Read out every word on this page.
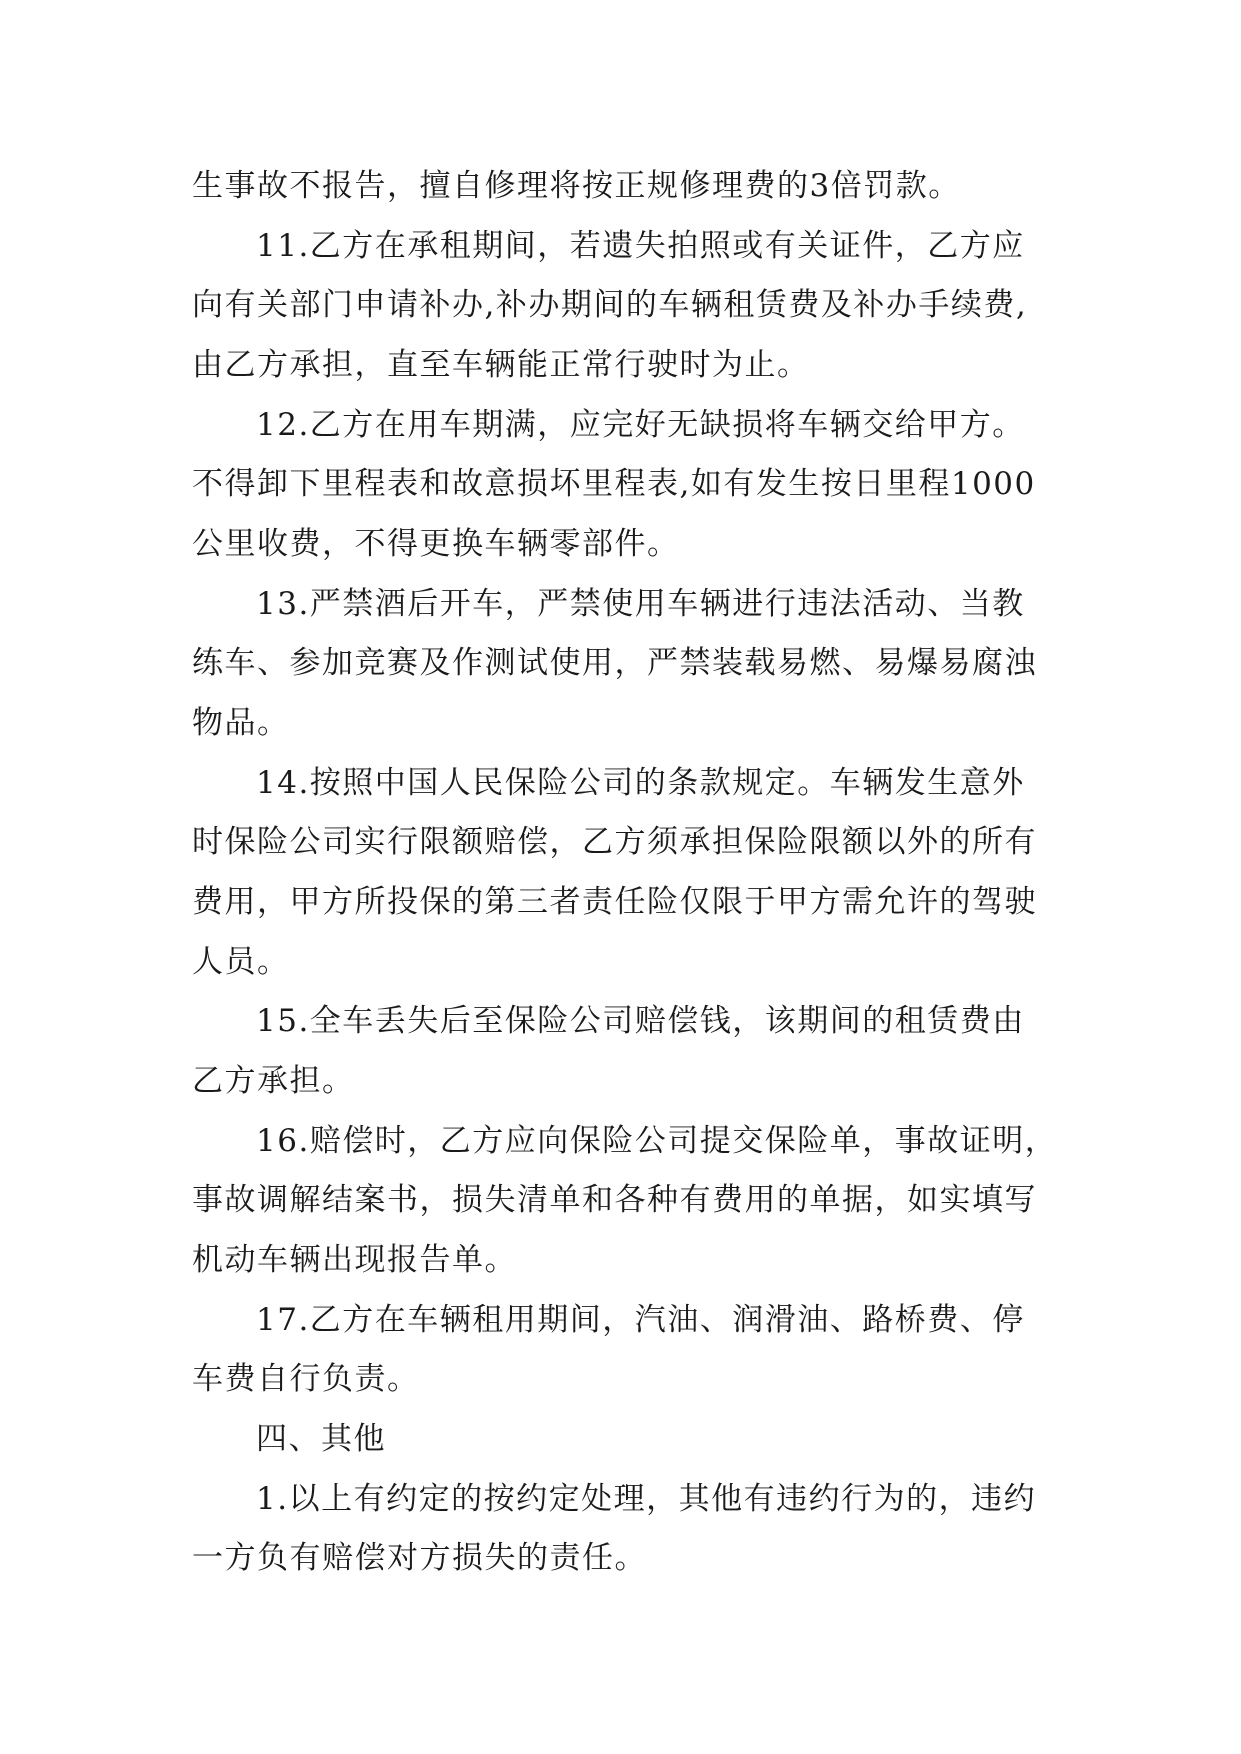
生事故不报告，擅自修理将按正规修理费的3倍罚款。
11.乙方在承租期间，若遗失拍照或有关证件，乙方应
向有关部门申请补办,补办期间的车辆租赁费及补办手续费,
由乙方承担，直至车辆能正常行驶时为止。
12.乙方在用车期满，应完好无缺损将车辆交给甲方。
不得卸下里程表和故意损坏里程表,如有发生按日里程1000
公里收费，不得更换车辆零部件。
13.严禁酒后开车，严禁使用车辆进行违法活动、当教
练车、参加竞赛及作测试使用，严禁装载易燃、易爆易腐浊
物品。
14.按照中国人民保险公司的条款规定。车辆发生意外
时保险公司实行限额赔偿，乙方须承担保险限额以外的所有
费用，甲方所投保的第三者责任险仅限于甲方需允许的驾驶
人员。
15.全车丢失后至保险公司赔偿钱，该期间的租赁费由
乙方承担。
16.赔偿时，乙方应向保险公司提交保险单，事故证明，
事故调解结案书，损失清单和各种有费用的单据，如实填写
机动车辆出现报告单。
17.乙方在车辆租用期间，汽油、润滑油、路桥费、停
车费自行负责。
四、其他
1.以上有约定的按约定处理，其他有违约行为的，违约
一方负有赔偿对方损失的责任。
